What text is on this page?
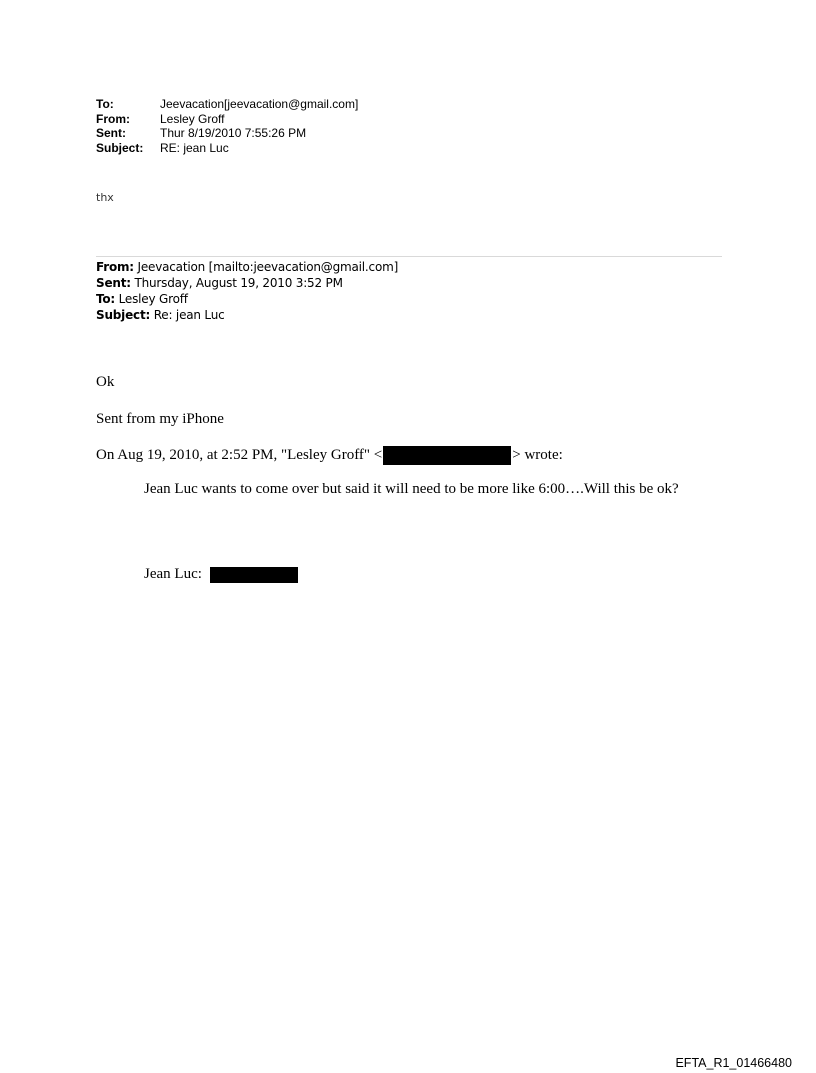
To:	Jeevacation[jeevacation@gmail.com]
From:	Lesley Groff
Sent:	Thur 8/19/2010 7:55:26 PM
Subject:	RE: jean Luc
thx
From: Jeevacation [mailto:jeevacation@gmail.com]
Sent: Thursday, August 19, 2010 3:52 PM
To: Lesley Groff
Subject: Re: jean Luc
Ok
Sent from my iPhone
On Aug 19, 2010, at 2:52 PM, "Lesley Groff" <	> wrote:
Jean Luc wants to come over but said it will need to be more like 6:00….Will this be ok?
Jean Luc:
EFTA_R1_01466480
